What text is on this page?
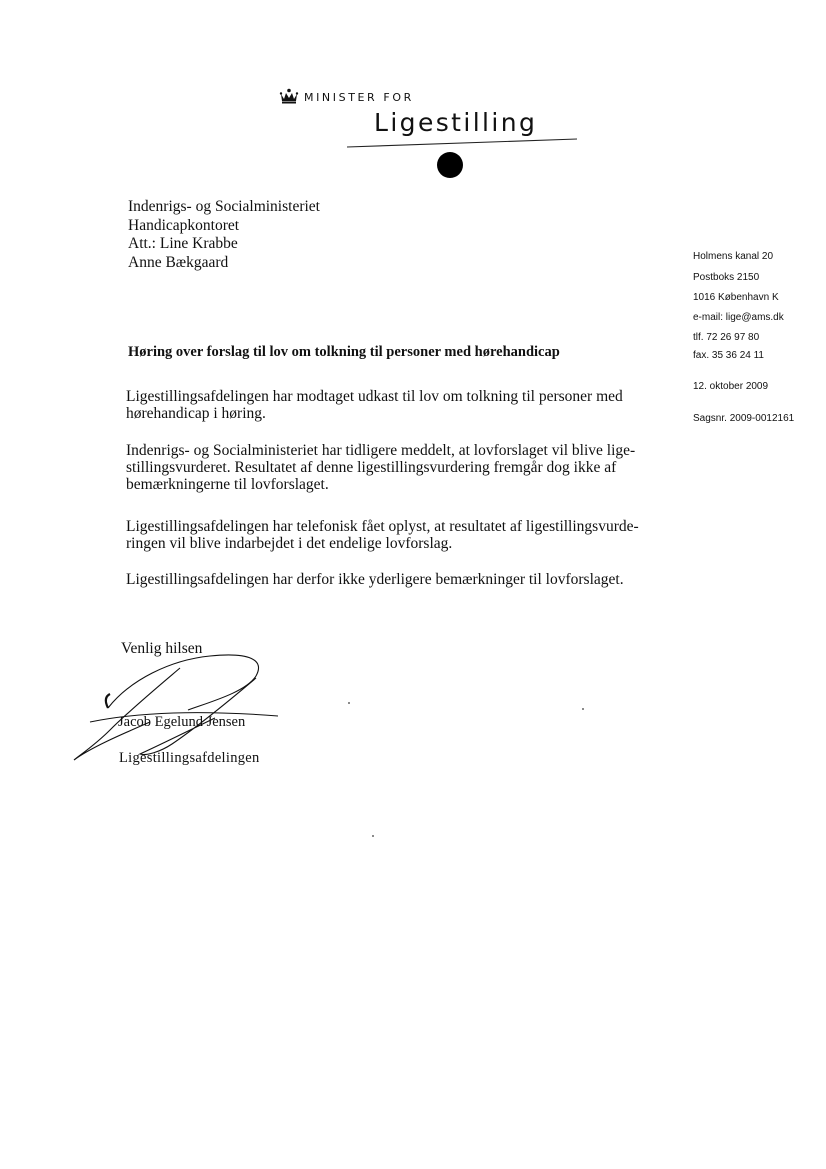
MINISTER FOR
Ligestilling
Indenrigs- og Socialministeriet
Handicapkontoret
Att.: Line Krabbe
Anne Bækgaard	Holmens kanal 20
Postboks 2150
1016 København K
e-mail: lige@ams.dk
tlf. 72 26 97 80
fax. 35 36 24 11
12. oktober 2009
Sagsnr. 2009-0012161
Høring over forslag til lov om tolkning til personer med hørehandicap
Ligestillingsafdelingen har modtaget udkast til lov om tolkning til personer med
hørehandicap i høring.
Indenrigs- og Socialministeriet har tidligere meddelt, at lovforslaget vil blive lige-
stillingsvurderet. Resultatet af denne ligestillingsvurdering fremgår dog ikke af
bemærkningerne til lovforslaget.
Ligestillingsafdelingen har telefonisk fået oplyst, at resultatet af ligestillingsvurde-
ringen vil blive indarbejdet i det endelige lovforslag.
Ligestillingsafdelingen har derfor ikke yderligere bemærkninger til lovforslaget.
Venlig hilsen
Jacob Egelund Jensen
Ligestillingsafdelingen
